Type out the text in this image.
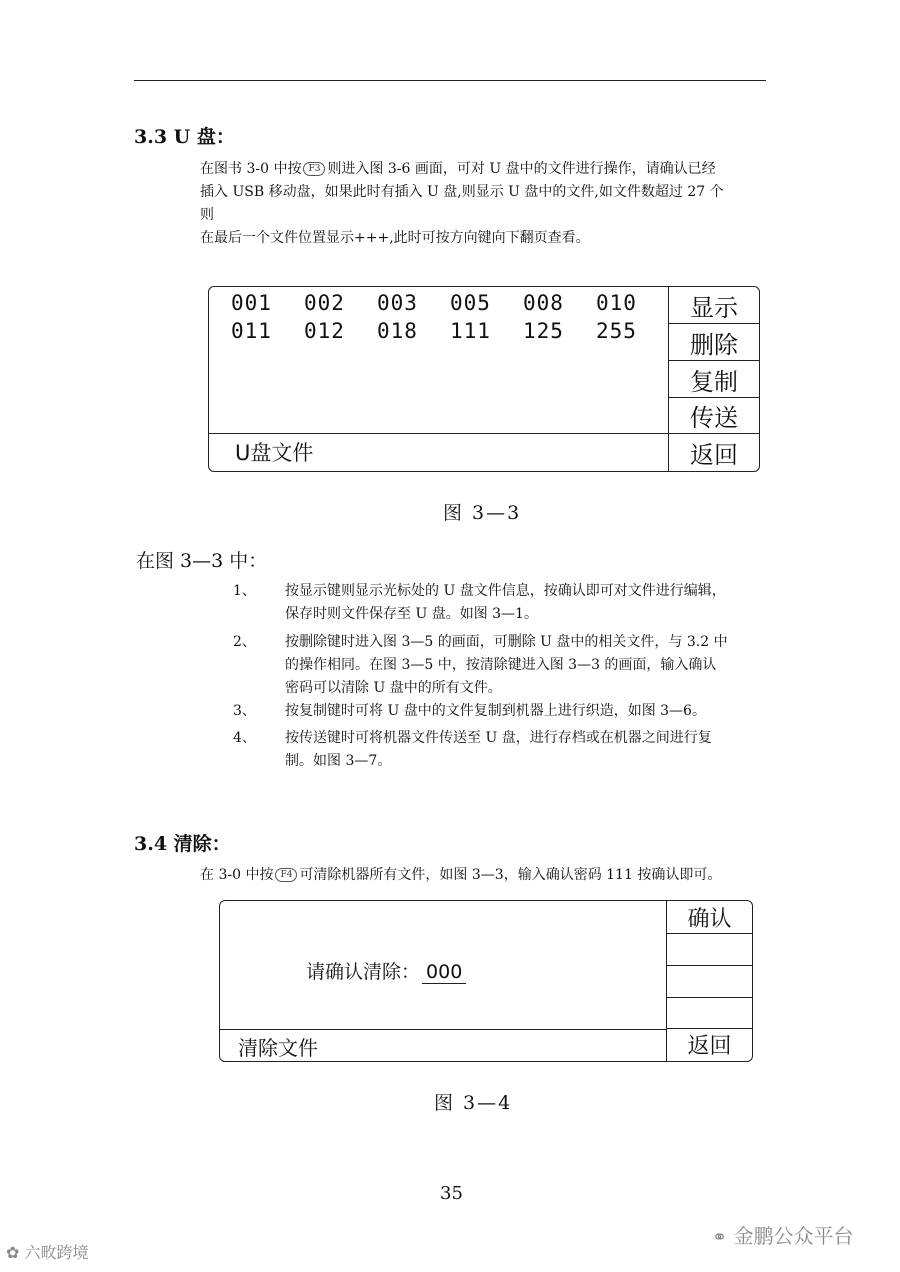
3.3 U 盘：
在图书 3-0 中按 F3 则进入图 3-6 画面，可对 U 盘中的文件进行操作，请确认已经
插入 USB 移动盘，如果此时有插入 U 盘,则显示 U 盘中的文件,如文件数超过 27 个
则
在最后一个文件位置显示+++,此时可按方向键向下翻页查看。
001	002	003	005	008	010
011	012	018	111	125	255
U盘文件
显示
删除
复制
传送
返回
图 3—3
在图 3—3 中：
1、 按显示键则显示光标处的 U 盘文件信息，按确认即可对文件进行编辑，
保存时则文件保存至 U 盘。如图 3—1。
2、 按删除键时进入图 3—5 的画面，可删除 U 盘中的相关文件，与 3.2 中
的操作相同。在图 3—5 中，按清除键进入图 3—3 的画面，输入确认
密码可以清除 U 盘中的所有文件。
3、 按复制键时可将 U 盘中的文件复制到机器上进行织造，如图 3—6。
4、 按传送键时可将机器文件传送至 U 盘，进行存档或在机器之间进行复
制。如图 3—7。
3.4 清除：
在 3-0 中按 F4 可清除机器所有文件，如图 3—3，输入确认密码 111 按确认即可。
请确认清除： 000
清除文件
确认
返回
图 3—4
35
⚭ 金鹏公众平台
✿ 六畋跨境
